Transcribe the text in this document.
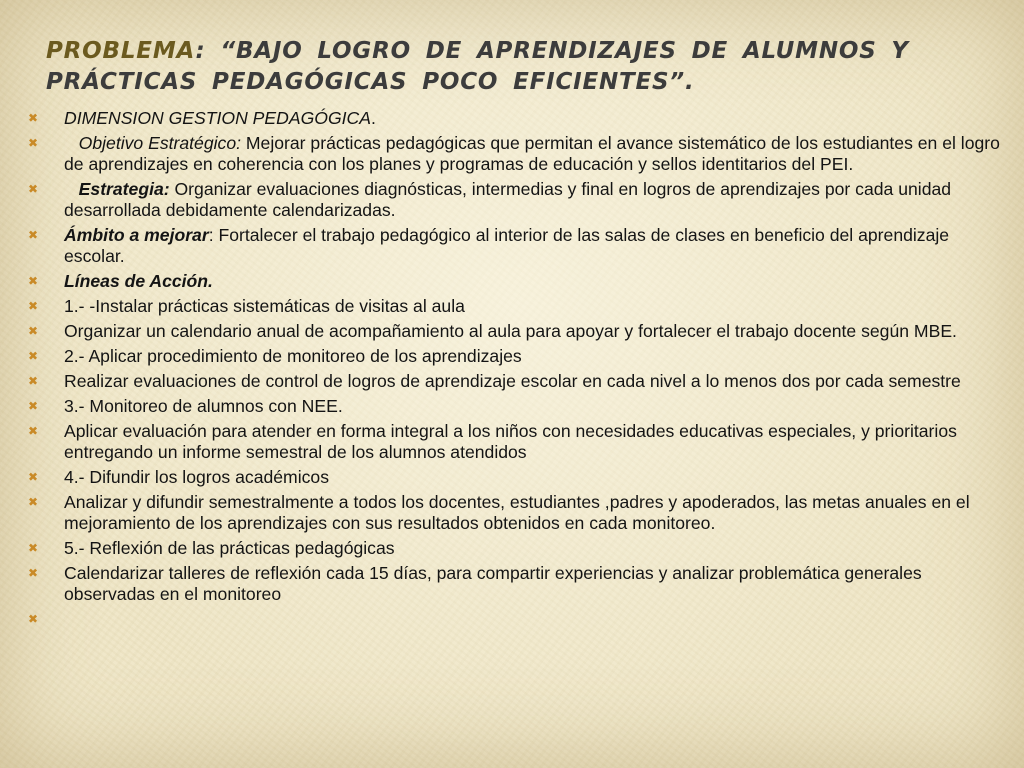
PROBLEMA: “BAJO LOGRO DE APRENDIZAJES DE ALUMNOS Y PRÁCTICAS PEDAGÓGICAS POCO EFICIENTES”.
✖ DIMENSION GESTION PEDAGÓGICA.
✖ Objetivo Estratégico: Mejorar prácticas pedagógicas que permitan el avance sistemático de los estudiantes en el logro de aprendizajes en coherencia con los planes y programas de educación y sellos identitarios del PEI.
✖ Estrategia: Organizar evaluaciones diagnósticas, intermedias y final en logros de aprendizajes por cada unidad desarrollada debidamente calendarizadas.
✖ Ámbito a mejorar: Fortalecer el trabajo pedagógico al interior de las salas de clases en beneficio del aprendizaje escolar.
✖ Líneas de Acción.
✖ 1.- -Instalar prácticas sistemáticas de visitas al aula
✖ Organizar un calendario anual de acompañamiento al aula para apoyar y fortalecer el trabajo docente según MBE.
✖ 2.- Aplicar procedimiento de monitoreo de los aprendizajes
✖ Realizar evaluaciones de control de logros de aprendizaje escolar en cada nivel a lo menos dos por cada semestre
✖ 3.- Monitoreo de alumnos con NEE.
✖ Aplicar evaluación para atender en forma integral a los niños con necesidades educativas especiales, y prioritarios entregando un informe semestral de los alumnos atendidos
✖ 4.- Difundir los logros académicos
✖ Analizar y difundir semestralmente a todos los docentes, estudiantes ,padres y apoderados, las metas anuales en el mejoramiento de los aprendizajes con sus resultados obtenidos en cada monitoreo.
✖ 5.- Reflexión de las prácticas pedagógicas
✖ Calendarizar talleres de reflexión cada 15 días, para compartir experiencias y analizar problemática generales observadas en el monitoreo
✖
